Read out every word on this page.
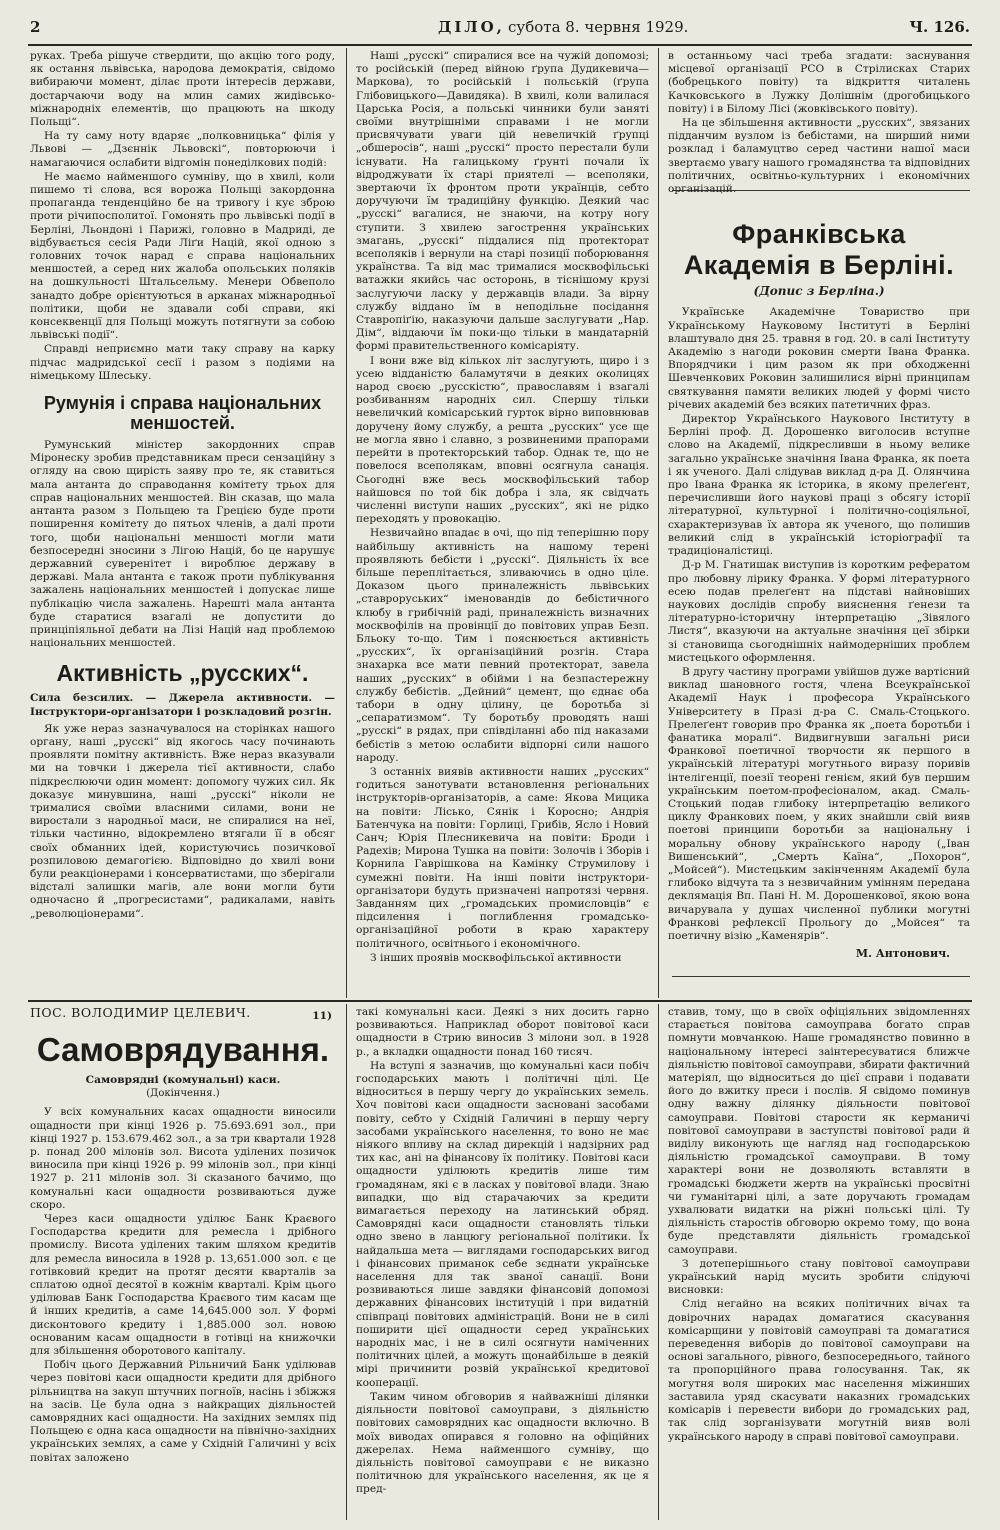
2	ДІЛО, субота 8. червня 1929.	Ч. 126.

руках. Треба рішуче ствердити, що акцію того роду, як остання львівська, народова демократія, свідомо вибираючи момент, ділає проти інтересів держави, достарчаючи воду на млин самих жидівсько-міжнародніх елементів, що працюють на шкоду Польщі“.

На ту саму ноту вдаряє „полковницька“ філія у Львові — „Дзєннік Львовскі“, повторюючи і намагаючися ослабити відгомін понеділкових подій:

Не маємо найменшого сумніву, що в хвилі, коли пишемо ті слова, вся ворожа Польщі закордонна пропаганда тенденційно бе на тривогу і кує зброю проти річипосполитої. Гомонять про львівські події в Берліні, Льондоні і Парижі, головно в Мадриді, де відбувається сесія Ради Ліґи Націй, якої одною з головних точок нарад є справа національних меншостей, а серед них жалоба опольських поляків на дошкульності Штальсельму. Менери Обвеполо занадто добре орієнтуються в арканах міжнародньої політики, щоби не здавали собі справи, які консеквенції для Польщі можуть потягнути за собою львівські події“.

Справді неприємно мати таку справу на карку підчас мадридської сесії і разом з подіями на німецькому Шлеську.

Румунія і справа національних меншостей.

Румунський міністер закордонних справ Міронеску зробив представникам преси сензаційну з огляду на свою щирість заяву про те, як ставиться мала антанта до справодання комітету трьох для справ національних меншостей. Він сказав, що мала антанта разом з Польщею та Грецією буде проти поширення комітету до пятьох членів, а далі проти того, щоби національні меншості могли мати безпосередні зносини з Лігою Націй, бо це нарушує державний суверенітет і вироблює державу в державі. Мала антанта є також проти публікування зажалень національних меншостей і допускає лише публікацію числа зажалень. Нарешті мала антанта буде старатися взагалі не допустити до принціпіяльної дебати на Лізі Націй над проблемою національних меншостей.

Активність „русских“.
Сила безсилих. — Джерела активности. — Інструктори-організатори і розкладовий розгін.

Як уже нераз зазначувалося на сторінках нашого органу, наші „русскі“ від якогось часу починають проявляти помітну активність. Вже нераз вказували ми на товчки і джерела тієї активности, слабо підкреслюючи один момент: допомогу чужих сил. Як доказує минувшина, наші „русскі“ ніколи не трималися своїми власними силами, вони не виростали з народньої маси, не спиралися на неї, тільки частинно, відокремлено втягали її в обсяг своїх обманних ідей, користуючись позичкової розпиловою демагогією. Відповідно до хвилі вони були реакціонерами і консерватистами, що зберігали відсталі залишки магів, але вони могли бути одночасно й „прогресистами“, радикалами, навіть „революціонерами“.

Наші „русскі“ спиралися все на чужій допомозі; то російській (перед війною ґрупа Дудикевича—Маркова), то російській і польській (ґрупа Глібовицького—Давидяка). В хвилі, коли валилася Царська Росія, а польські чинники були заняті своїми внутрішніми справами і не могли присвячувати уваги цій невеличкій ґрупці „обшеросів“, наші „русскі“ просто перестали були існувати. На галицькому ґрунті почали їх відроджувати їх старі приятелі — всеполяки, звертаючи їх фронтом проти українців, себто доручуючи їм традиційну функцію. Деякий час „русскі“ вагалися, не знаючи, на котру ногу ступити. З хвилею загострення українських змагань, „русскі“ піддалися під протекторат всеполяків і вернули на старі позиції поборювання українства. Та від мас трималися москвофільські ватажки якийсь час осторонь, в тіснішому крузі заслугуючи ласку у державців влади. За вірну службу віддано їм в неподільне посідання Ставропіґію, наказуючи дальше заслугувати „Нар. Дім“, віддаючи їм поки-що тільки в мандатарній формі правительственного комісаріяту.

І вони вже від кількох літ заслугують, щиро і з усею відданістю баламутячи в деяких околицях народ своєю „русскістю“, православям і взагалі розбиванням народніх сил. Спершу тільки невеличкий комісарський гурток вірно виповнював доручену йому службу, а решта „русских“ усе ще не могла явно і славно, з розвиненими прапорами перейти в протекторський табор. Однак те, що не повелося всеполякам, вповні осягнула санація. Сьогодні вже весь москвофільський табор найшовся по той бік добра і зла, як свідчать численні виступи наших „русских“, які не рідко переходять у провокацію.

Незвичайно впадає в очі, що під теперішню пору найбільшу активність на нашому терені проявляють бебісти і „русскі“. Діяльність їх все більше переплітається, зливаючись в одно ціле. Доказом цього приналежність львівських „ставроруських“ іменовандів до бебістичного клюбу в грибічній раді, приналежність визначних москвофілів на провінції до повітових управ Безп. Бльоку то-що. Тим і пояснюється активність „русских“, їх організаційний розгін. Стара знахарка все мати певний протекторат, завела наших „русских“ в обійми і на безпастережну службу бебістів. „Дейний“ цемент, що єднає оба табори в одну цілину, це боротьба зі „сепаратизмом“. Ту боротьбу проводять наші „русскі“ в рядах, при співділанні або під наказами бебістів з метою ослабити відпорні сили нашого народу.

З останніх виявів активности наших „русских“ годиться занотувати встановлення регіональних інструкторів-організаторів, а саме: Якова Мицика на повіти: Лісько, Сянік і Коросно; Андрія Батенчука на повіти: Горлиці, Грибів, Ясло і Новий Санч; Юрія Плесникевича на повіти: Броди і Радехів; Мирона Тушка на повіти: Золочів і Зборів і Корнила Гаврішкова на Камінку Струмилову і сумежні повіти. На інші повіти інструктори-організатори будуть призначені напротязі червня. Завданням цих „громадських промисловців“ є підсилення і поглиблення громадсько-організаційної роботи в краю характеру політичного, освітнього і економічного.

З інших проявів москвофільської активности

в останньому часі треба згадати: заснування місцевої організації РСО в Стрілисках Старих (бобрецького повіту) та відкриття читалень Качковського в Лужку Долішнім (дрогобицького повіту) і в Білому Лісі (жовківського повіту).

На це збільшення активности „русских“, звязаних підданчим вузлом із бебістами, на ширший ними розклад і баламуцтво серед частини нашої маси звертаємо увагу нашого громадянства та відповідних політичних, освітньо-культурних і економічних організацій.

Франківська Академія в Берліні.
(Допис з Берліна.)

Українське Академічне Товариство при Українському Науковому Інституті в Берліні влаштувало дня 25. травня в год. 20. в салі Інституту Академію з нагоди роковин смерти Івана Франка. Впорядчики і цим разом як при обходженні Шевченкових Роковин залишилися вірні принципам святкування памяти великих людей у формі чисто річевих академій без всяких патетичних фраз.

Директор Українського Наукового Інституту в Берліні проф. Д. Дорошенко виголосив вступне слово на Академії, підкресливши в ньому велике загально українське значіння Івана Франка, як поета і як ученого. Далі слідував виклад д-ра Д. Олянчина про Івана Франка як історика, в якому прелеґент, перечисливши його наукові праці з обсягу історії літературної, культурної і політично-соціяльної, схарактеризував їх автора як ученого, що полишив великий слід в українській історіографії та традиціоналістиці.

Д-р М. Гнатишак виступив із коротким рефератом про любовну лірику Франка. У формі літературного есею подав прелеґент на підставі найновіших наукових дослідів спробу вияснення ґенези та літературно-історичну інтерпретацію „Зівялого Листя“, вказуючи на актуальне значіння цеї збірки зі становища сьогоднішніх наймодерніших проблем мистецького оформлення.

В другу частину програми увійшов дуже вартісний виклад шановного гостя, члена Всеукраїнської Академії Наук і професора Українського Університету в Празі д-ра С. Смаль-Стоцького. Прелеґент говорив про Франка як „поета боротьби і фанатика моралі“. Видвигнувши загальні риси Франкової поетичної творчости як першого в українській літературі могутнього виразу поривів інтелігенції, поезії теорені генієм, який був першим українським поетом-професіоналом, акад. Смаль-Стоцький подав глибоку інтерпретацію великого циклу Франкових поем, у яких знайшли свій вияв поетові принципи боротьби за національну і моральну обнову українського народу („Іван Вишенський“, „Смерть Каїна“, „Похорон“, „Мойсей“). Мистецьким закінченням Академії була глибоко відчута та з незвичайним умінням передана деклямація Вп. Пані Н. М. Дорошенкової, якою вона вичарувала у душах численної публики могутні Франкові рефлексії Прольогу до „Мойсея“ та поетичну візію „Каменярів“.

М. Антонович.
ПОС. ВОЛОДИМИР ЦЕЛЕВИЧ.	11)
Самоврядування.
Самоврядні (комунальні) каси.
(Докінчення.)

У всіх комунальних касах ощадности виносили ощадности при кінці 1926 р. 75.693.691 зол., при кінці 1927 р. 153.679.462 зол., а за три квартали 1928 р. понад 200 мілонів зол. Висота уділених позичок виносила при кінці 1926 р. 99 мілонів зол., при кінці 1927 р. 211 мілонів зол. Зі сказаного бачимо, що комунальні каси ощадности розвиваються дуже скоро.

Через каси ощадности уділює Банк Краєвого Господарства кредити для ремесла і дрібного промислу. Висота уділених таким шляхом кредитів для ремесла виносила в 1928 р. 13,651.000 зол. є це готівковий кредит на протяг десяти кварталів за сплатою одної десятої в кожнім кварталі. Крім цього уділював Банк Господарства Краєвого тим касам ще й інших кредитів, а саме 14,645.000 зол. У формі дисконтового кредиту і 1,885.000 зол. новою основаним касам ощадности в готівці на книжочки для збільшення оборотового капіталу.

Побіч цього Державний Рільничий Банк уділював через повітові каси ощадности кредити для дрібного рільництва на закуп штучних погноїв, насінь і збіжжя на засів. Це була одна з найкращих діяльностей самоврядних касі ощадности. На західних землях під Польщею є одна каса ощадности на північно-західних українських землях, а саме у Східній Галичині у всіх повітах заложено

такі комунальні каси. Деякі з них досить гарно розвиваються. Наприклад оборот повітової каси ощадности в Стрию виносив 3 мілони зол. в 1928 р., а вкладки ощадности понад 160 тисяч.

На вступі я зазначив, що комунальні каси побіч господарських мають і політичні цілі. Це відноситься в першу чергу до українських земель. Хоч повітові каси ощадности засновані засобами повіту, себто у Східній Галичині в першу чергу засобами українського населення, то воно не має ніякого впливу на склад дирекцій і надзірних рад тих кас, ані на фінансову їх політику. Повітові каси ощадности уділюють кредитів лише тим громадянам, які є в ласках у повітової влади. Знаю випадки, що від старачаючих за кредити вимагається переходу на латинський обряд. Самоврядні каси ощадности становлять тільки одно звено в ланцюгу регіональної політики. Їх найдальша мета — виглядами господарських вигод і фінансових приманок себе зєднати українське населення для так званої санації. Вони розвиваються лише завдяки фінансовій допомозі державних фінансових інституцій і при видатній співпраці повітових адміністрацій. Вони не в силі поширити цієї ощадности серед українських народніх мас, і не в силі осягнути наміченних політичних цілей, а можуть щонайбільше в деякій мірі причинити розвій української кредитової кооперації.

Таким чином обговорив я найважніші ділянки діяльности повітової самоуправи, з діяльністю повітових самоврядних кас ощадности включно. В моїх виводах опирався я головно на офіційних джерелах. Нема найменшого сумніву, що діяльність повітової самоуправи є не виказно політичною для українського населення, як це я пред-

ставив, тому, що в своїх офіціяльних звідомленнях старається повітова самоуправа богато справ помнути мовчанкою. Наше громадянство повинно в національному інтересі заінтересуватися ближче діяльністю повітової самоуправи, збирати фактичний матеріял, що відноситься до цієї справи і подавати його до вжитку преси і послів. Я свідомо поминув одну важну ділянку діяльности повітової самоуправи. Повітові старости як керманичі повітової самоуправи в заступстві повітової ради й виділу виконують ще нагляд над господарською діяльністю громадської самоуправи. В тому характері вони не дозволяють вставляти в громадські бюджети жертв на українські просвітні чи гуманітарні цілі, а зате доручають громадам ухвалювати видатки на ріжні польські цілі. Ту діяльність старостів обговорю окремо тому, що вона буде представляти діяльність громадської самоуправи.

З дотеперішнього стану повітової самоуправи український нарід мусить зробити слідуючі висновки:

Слід негайно на всяких політичних вічах та довірочних нарадах домагатися скасування комісарщини у повітовій самоуправі та домагатися переведення виборів до повітової самоуправи на основі загального, рівного, безпосереднього, тайного та пропорційного права голосування. Так, як могутня воля широких мас населення міжинших заставила уряд скасувати наказних громадських комісарів і перевести вибори до громадських рад, так слід зорганізувати могутній вияв волі українського народу в справі повітової самоуправи.
